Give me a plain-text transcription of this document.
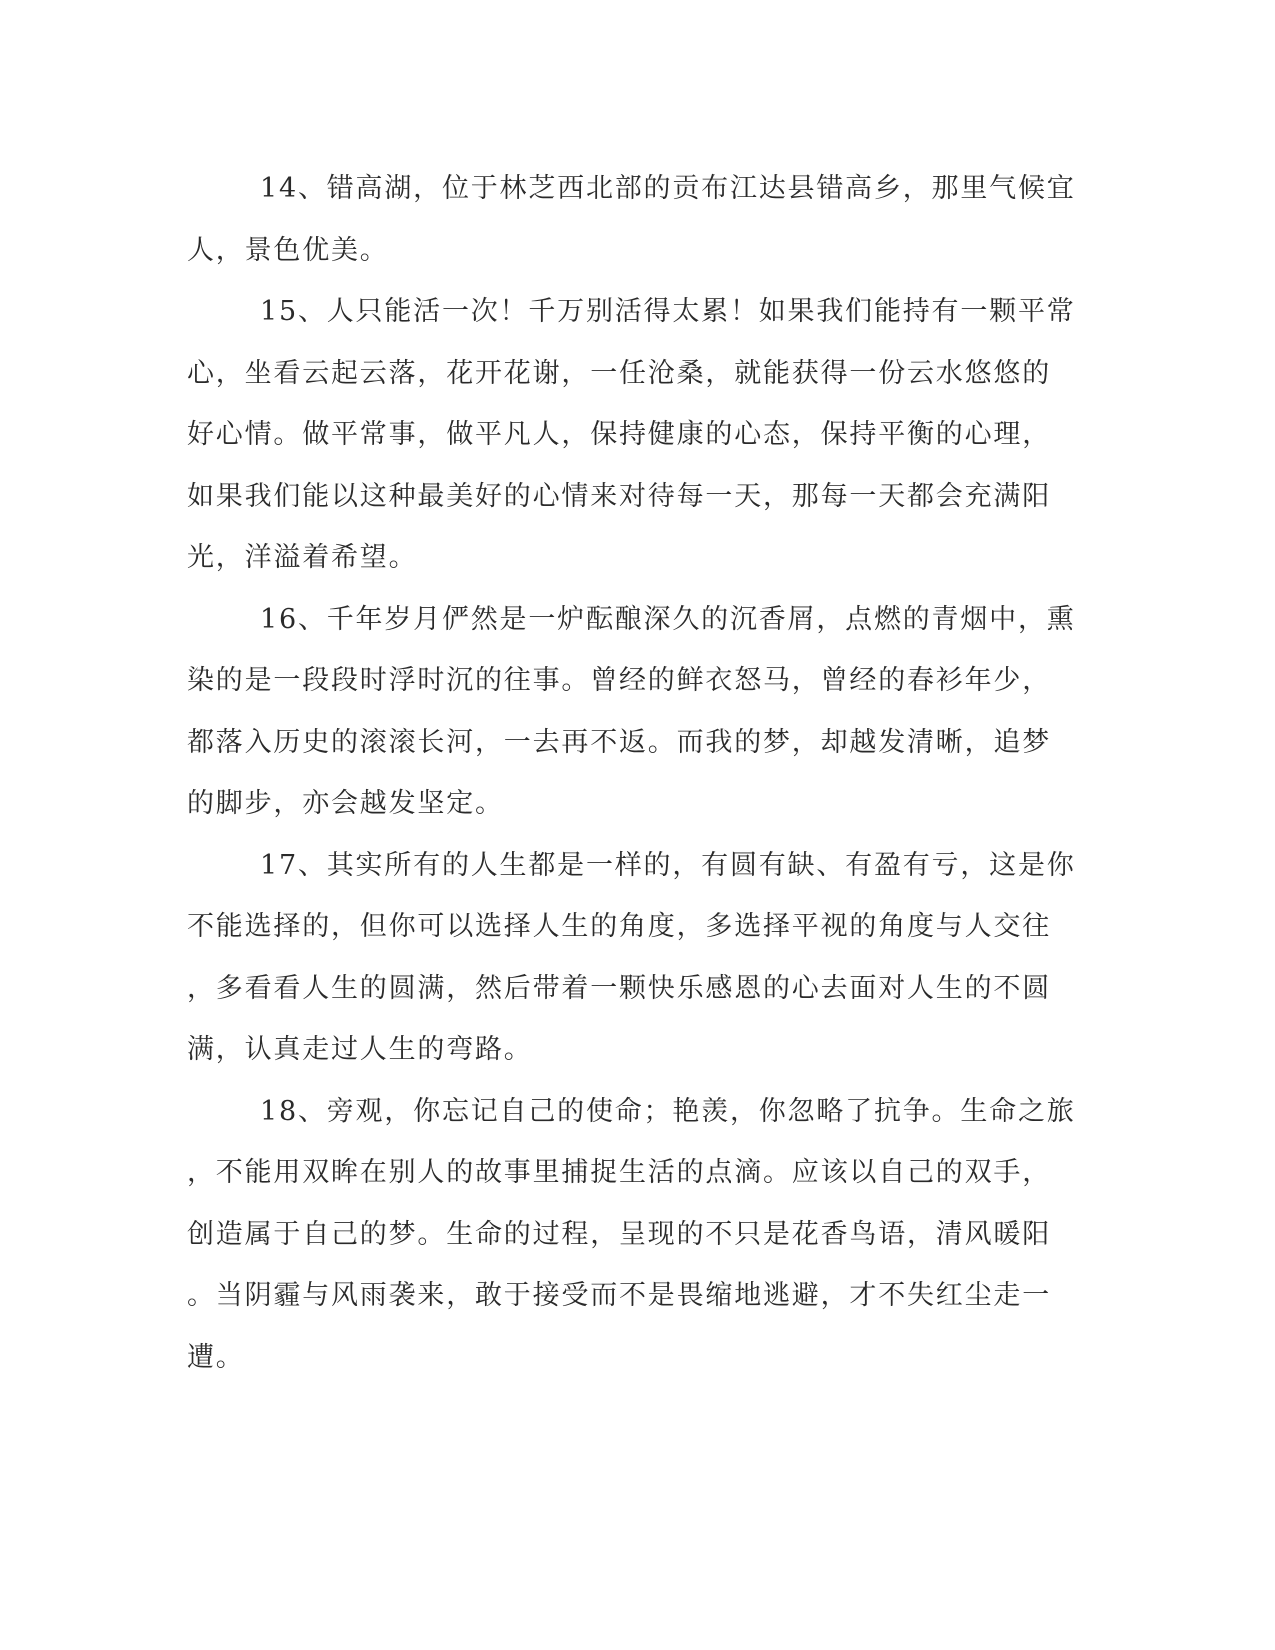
14、错高湖，位于林芝西北部的贡布江达县错高乡，那里气候宜
人，景色优美。

15、人只能活一次！千万别活得太累！如果我们能持有一颗平常
心，坐看云起云落，花开花谢，一任沧桑，就能获得一份云水悠悠的
好心情。做平常事，做平凡人，保持健康的心态，保持平衡的心理，
如果我们能以这种最美好的心情来对待每一天，那每一天都会充满阳
光，洋溢着希望。

16、千年岁月俨然是一炉酝酿深久的沉香屑，点燃的青烟中，熏
染的是一段段时浮时沉的往事。曾经的鲜衣怒马，曾经的春衫年少，
都落入历史的滚滚长河，一去再不返。而我的梦，却越发清晰，追梦
的脚步，亦会越发坚定。

17、其实所有的人生都是一样的，有圆有缺、有盈有亏，这是你
不能选择的，但你可以选择人生的角度，多选择平视的角度与人交往
，多看看人生的圆满，然后带着一颗快乐感恩的心去面对人生的不圆
满，认真走过人生的弯路。

18、旁观，你忘记自己的使命；艳羡，你忽略了抗争。生命之旅
，不能用双眸在别人的故事里捕捉生活的点滴。应该以自己的双手，
创造属于自己的梦。生命的过程，呈现的不只是花香鸟语，清风暖阳
。当阴霾与风雨袭来，敢于接受而不是畏缩地逃避，才不失红尘走一
遭。
